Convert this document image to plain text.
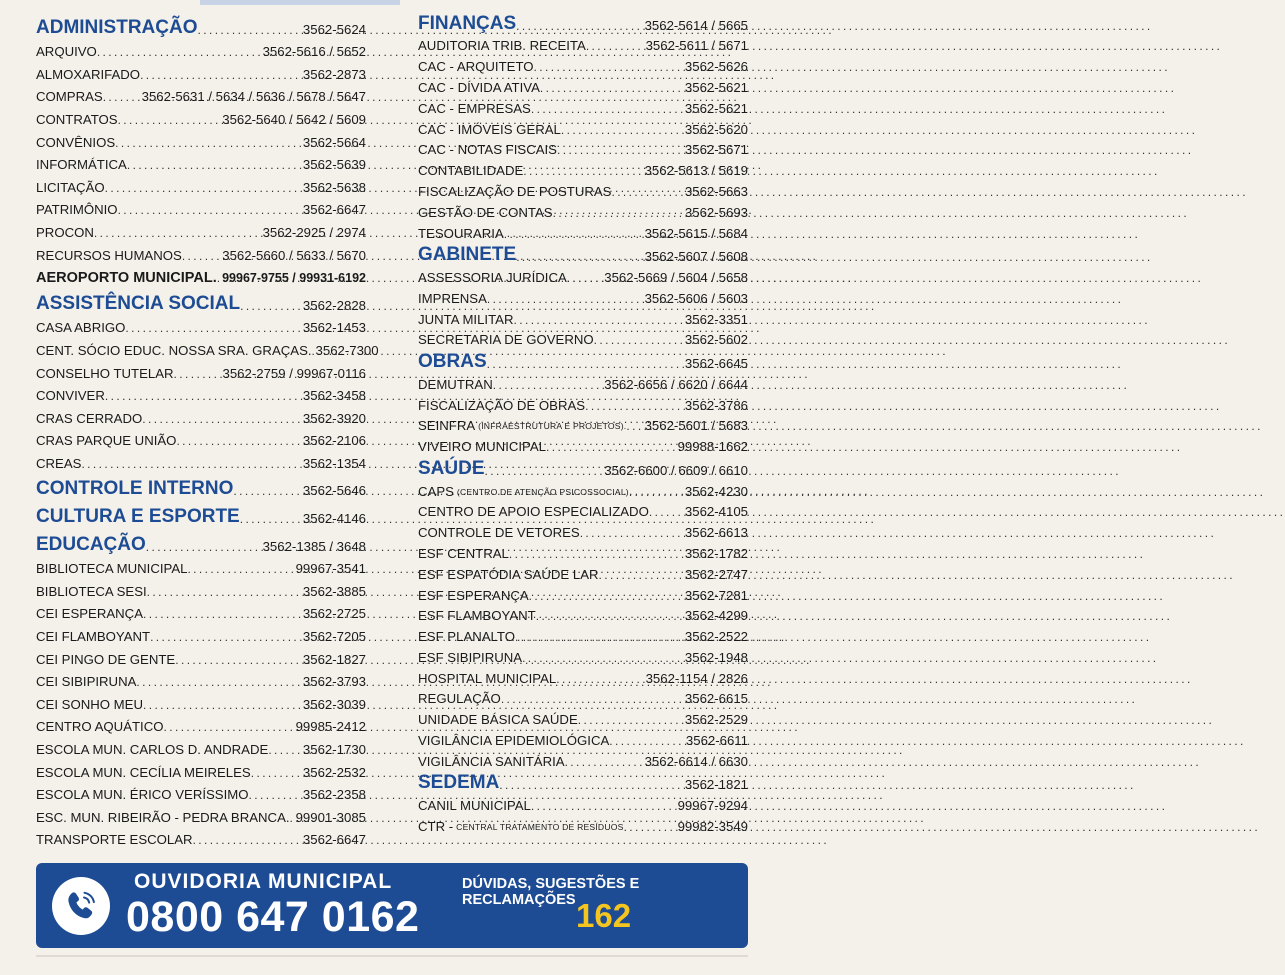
ADMINISTRAÇÃO .....	3562-5624
ARQUIVO .....	3562-5616 / 5652
ALMOXARIFADO .....	3562-2873
COMPRAS .....	3562-5631 / 5634 / 5636 / 5678 / 5647
CONTRATOS .....	3562-5640 / 5642 / 5609
CONVÊNIOS .....	3562-5664
INFORMÁTICA .....	3562-5639
LICITAÇÃO .....	3562-5638
PATRIMÔNIO .....	3562-6647
PROCON .....	3562-2925 / 2974
RECURSOS HUMANOS .....	3562-5660 / 5633 / 5670
AEROPORTO MUNICIPAL. ..... 99967-9755 / 99931-6192
ASSISTÊNCIA SOCIAL .....	3562-2828
CASA ABRIGO .....	3562-1453
CENT. SÓCIO EDUC. NOSSA SRA. GRAÇAS. ..... 3562-7300
CONSELHO TUTELAR .....	3562-2759 / 99967-0116
CONVIVER .....	3562-3458
CRAS CERRADO .....	3562-3920
CRAS PARQUE UNIÃO .....	3562-2106
CREAS .....	3562-1354
CONTROLE INTERNO .....	3562-5646
CULTURA E ESPORTE .....	3562-4146
EDUCAÇÃO .....	3562-1385 / 3648
BIBLIOTECA MUNICIPAL .....	99967-3541
BIBLIOTECA SESI .....	3562-3885
CEI ESPERANÇA .....	3562-2725
CEI FLAMBOYANT .....	3562-7205
CEI PINGO DE GENTE .....	3562-1827
CEI SIBIPIRUNA .....	3562-3793
CEI SONHO MEU .....	3562-3039
CENTRO AQUÁTICO .....	99985-2412
ESCOLA MUN. CARLOS D. ANDRADE .....	3562-1730
ESCOLA MUN. CECÍLIA MEIRELES .....	3562-2532
ESCOLA MUN. ÉRICO VERÍSSIMO .....	3562-2358
ESC. MUN. RIBEIRÃO - PEDRA BRANCA. ..... 99901-3085
TRANSPORTE ESCOLAR .....	3562-6647
FINANÇAS .....	3562-5614 / 5665
AUDITORIA TRIB. RECEITA .....	3562-5611 / 5671
CAC - ARQUITETO .....	3562-5626
CAC - DÍVIDA ATIVA .....	3562-5621
CAC - EMPRESAS .....	3562-5621
CAC - IMÓVEIS GERAL .....	3562-5620
CAC - NOTAS FISCAIS .....	3562-5671
CONTABILIDADE .....	3562-5613 / 5619
FISCALIZAÇÃO DE POSTURAS .....	3562-5663
GESTÃO DE CONTAS .....	3562-5693
TESOURARIA .....	3562-5615 / 5684
GABINETE .....	3562-5607 / 5608
ASSESSORIA JURÍDICA .....	3562-5669 / 5604 / 5658
IMPRENSA .....	3562-5606 / 5603
JUNTA MILITAR .....	3562-3351
SECRETARIA DE GOVERNO .....	3562-5602
OBRAS .....	3562-6645
DEMUTRAN .....	3562-6656 / 6620 / 6644
FISCALIZAÇÃO DE OBRAS .....	3562-3786
SEINFRA (INFRAESTRUTURA E PROJETOS). ..... 3562-5601 / 5683
VIVEIRO MUNICIPAL .....	99988-1662
SAÚDE .....	3562-6600 / 6609 / 6610
CAPS (CENTRO DE ATENÇÃO PSICOSSOCIAL) .....	3562-4230
CENTRO DE APOIO ESPECIALIZADO .....	3562-4105
CONTROLE DE VETORES .....	3562-6613
ESF CENTRAL .....	3562-1782
ESF ESPATÓDIA SAÚDE LAR .....	3562-2747
ESF ESPERANÇA .....	3562-7281
ESF FLAMBOYANT .....	3562-4299
ESF PLANALTO .....	3562-2522
ESF SIBIPIRUNA .....	3562-1948
HOSPITAL MUNICIPAL .....	3562-1154 / 2826
REGULAÇÃO .....	3562-6615
UNIDADE BÁSICA SAÚDE .....	3562-2529
VIGILÂNCIA EPIDEMIOLÓGICA .....	3562-6611
VIGILÂNCIA SANITÁRIA .....	3562-6614 / 6630
SEDEMA .....	3562-1821
CANIL MUNICIPAL .....	99967-9294
CTR - CENTRAL TRATAMENTO DE RESÍDUOS .....	99982-3549
OUVIDORIA MUNICIPAL
0800 647 0162
DÚVIDAS, SUGESTÕES E RECLAMAÇÕES 162
